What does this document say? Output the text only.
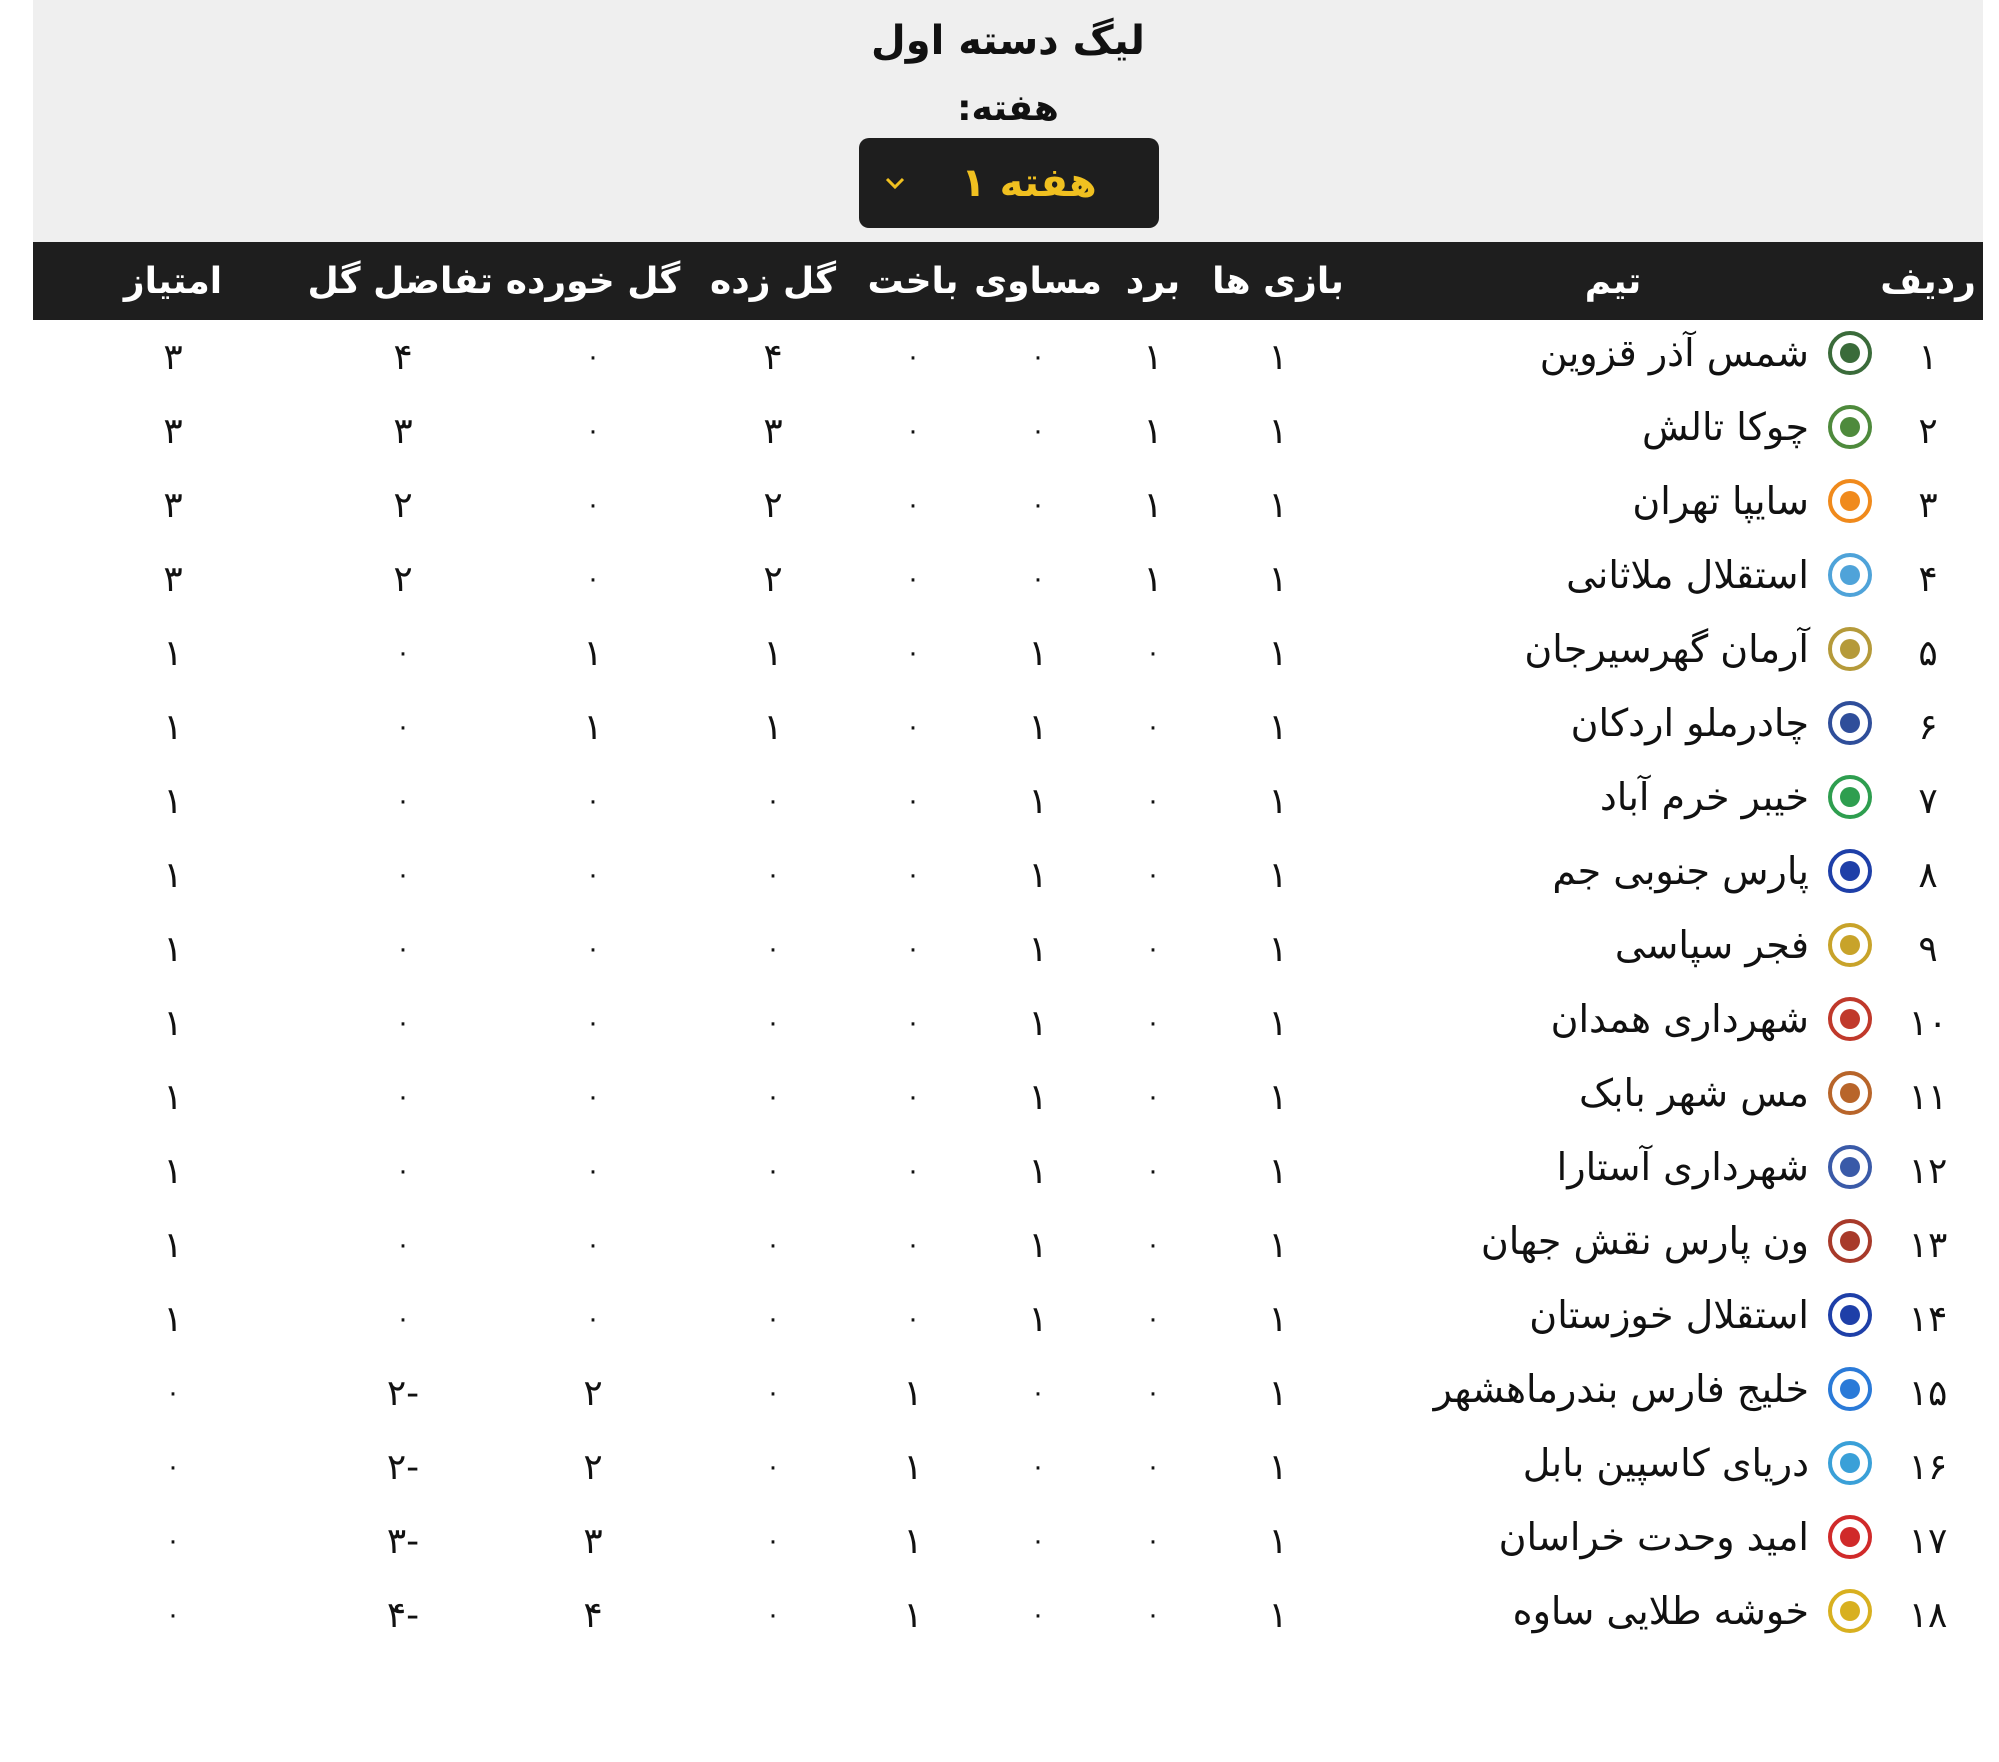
لیگ دسته اول
هفته:
هفته ۱
ردیف	تیم	بازی ها	برد	مساوی	باخت	گل زده	گل خورده	تفاضل گل	امتیاز
۱	شمس آذر قزوین	۱	۱	۰	۰	۴	۰	۴	۳
۲	چوکا تالش	۱	۱	۰	۰	۳	۰	۳	۳
۳	سایپا تهران	۱	۱	۰	۰	۲	۰	۲	۳
۴	استقلال ملاثانی	۱	۱	۰	۰	۲	۰	۲	۳
۵	آرمان گهرسیرجان	۱	۰	۱	۰	۱	۱	۰	۱
۶	چادرملو اردکان	۱	۰	۱	۰	۱	۱	۰	۱
۷	خیبر خرم آباد	۱	۰	۱	۰	۰	۰	۰	۱
۸	پارس جنوبی جم	۱	۰	۱	۰	۰	۰	۰	۱
۹	فجر سپاسی	۱	۰	۱	۰	۰	۰	۰	۱
۱۰	شهرداری همدان	۱	۰	۱	۰	۰	۰	۰	۱
۱۱	مس شهر بابک	۱	۰	۱	۰	۰	۰	۰	۱
۱۲	شهرداری آستارا	۱	۰	۱	۰	۰	۰	۰	۱
۱۳	ون پارس نقش جهان	۱	۰	۱	۰	۰	۰	۰	۱
۱۴	استقلال خوزستان	۱	۰	۱	۰	۰	۰	۰	۱
۱۵	خلیج فارس بندرماهشهر	۱	۰	۰	۱	۰	۲	-۲	۰
۱۶	دریای کاسپین بابل	۱	۰	۰	۱	۰	۲	-۲	۰
۱۷	امید وحدت خراسان	۱	۰	۰	۱	۰	۳	-۳	۰
۱۸	خوشه طلایی ساوه	۱	۰	۰	۱	۰	۴	-۴	۰
